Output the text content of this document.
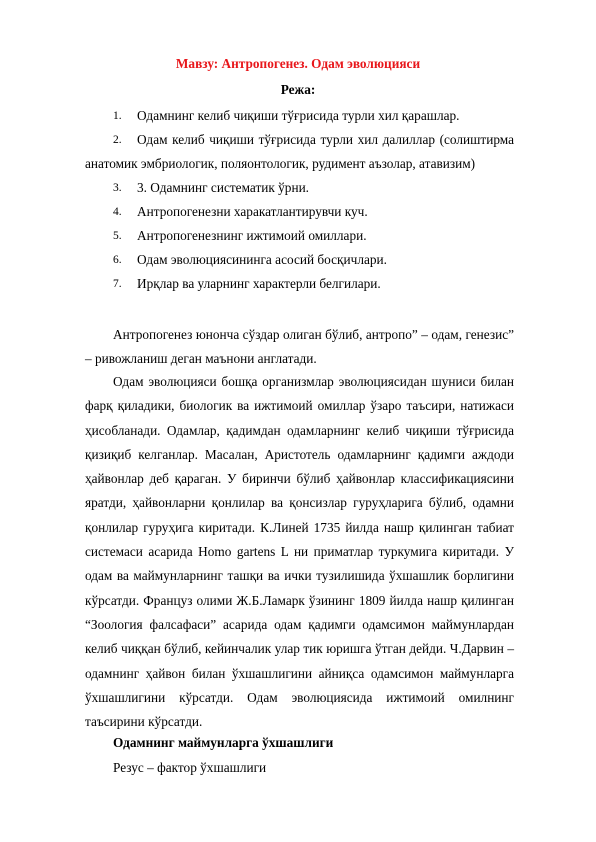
Мавзу: Антропогенез. Одам эволюцияси
Режа:
1. Одамнинг келиб чиқиши тўғрисида турли хил қарашлар.
2. Одам келиб чиқиши тўғрисида турли хил далиллар (солиштирма
анатомик эмбриологик, поляонтологик, рудимент аъзолар, атавизим)
3. 3. Одамнинг систематик ўрни.
4. Антропогенезни харакатлантирувчи куч.
5. Антропогенезнинг ижтимоий омиллари.
6. Одам эволюциясининга асосий босқичлари.
7. Ирқлар ва уларнинг характерли белгилари.

Антропогенез юнонча сўздар олиган бўлиб, антропо” – одам, генезис” – ривожланиш деган маънони англатади.

Одам эволюцияси бошқа организмлар эволюциясидан шуниси билан фарқ қиладики, биологик ва ижтимоий омиллар ўзаро таъсири, натижаси ҳисобланади. Одамлар, қадимдан одамларнинг келиб чиқиши тўғрисида қизиқиб келганлар. Масалан, Аристотель одамларнинг қадимги аждоди ҳайвонлар деб қараган. У биринчи бўлиб ҳайвонлар классификациясини яратди, ҳайвонларни қонлилар ва қонсизлар гуруҳларига бўлиб, одамни қонлилар гуруҳига киритади. К.Линей 1735 йилда нашр қилинган табиат системаси асарида Homo gartens L ни приматлар туркумига киритади. У одам ва маймунларнинг ташқи ва ички тузилишида ўхшашлик борлигини кўрсатди. Француз олими Ж.Б.Ламарк ўзининг 1809 йилда нашр қилинган “Зоология фалсафаси” асарида одам қадимги одамсимон маймунлардан келиб чиққан бўлиб, кейинчалик улар тик юришга ўтган дейди. Ч.Дарвин – одамнинг ҳайвон билан ўхшашлигини айниқса одамсимон маймунларга ўхшашлигини кўрсатди. Одам эволюциясида ижтимоий омилнинг таъсирини кўрсатди.

Одамнинг маймунларга ўхшашлиги
Резус – фактор ўхшашлиги
